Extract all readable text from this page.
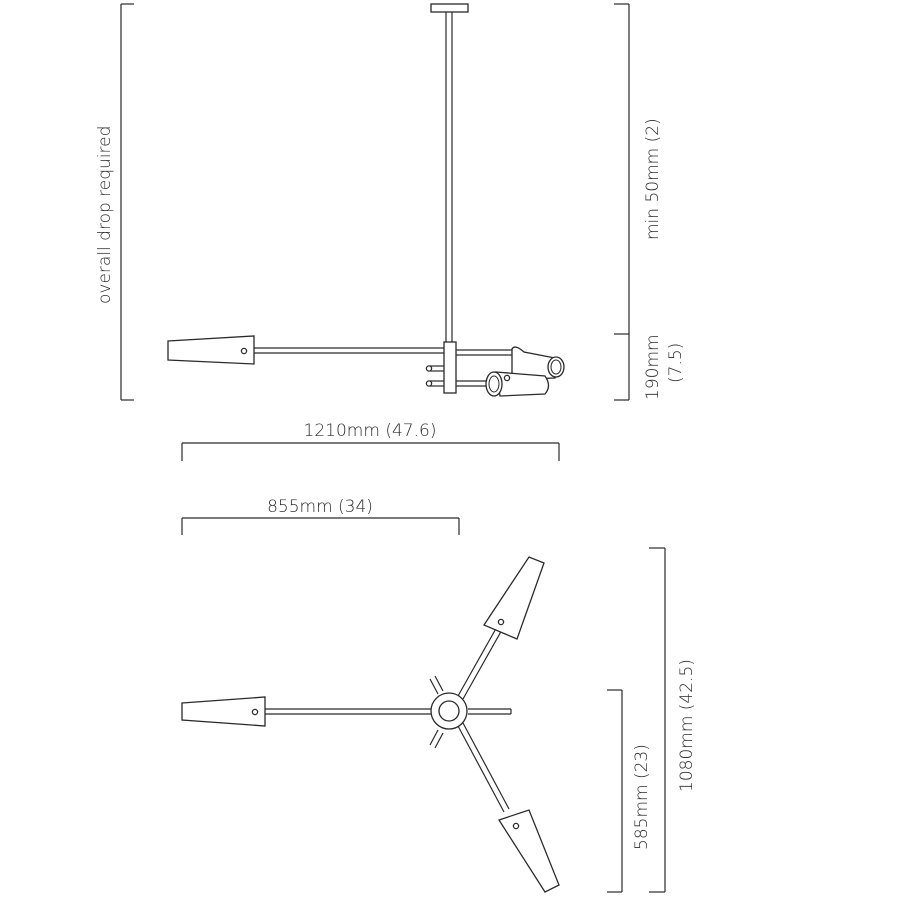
overall drop required	min 50mm (2)
190mm (7.5)
1210mm (47.6)
855mm (34)
1080mm (42.5)
585mm (23)
